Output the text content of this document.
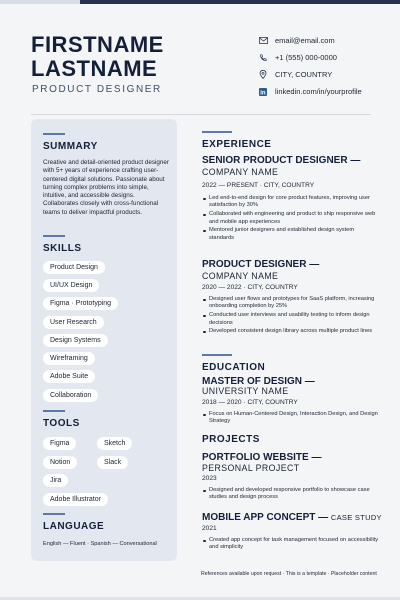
FIRSTNAME
LASTNAME
PRODUCT DESIGNER
email@email.com
+1 (555) 000-0000
CITY, COUNTRY
in linkedin.com/in/yourprofile
SUMMARY
Creative and detail-oriented product designer with 5+ years of experience crafting user-centered digital solutions. Passionate about turning complex problems into simple, intuitive, and accessible designs. Collaborates closely with cross-functional teams to deliver impactful products.
SKILLS
Product Design
UI/UX Design
Figma · Prototyping
User Research
Design Systems
Wireframing
Adobe Suite
Collaboration
TOOLS
Figma	Sketch
Notion	Slack
Jira
Adobe Illustrator
LANGUAGE
English — Fluent · Spanish — Conversational
EXPERIENCE
SENIOR PRODUCT DESIGNER —
COMPANY NAME
2022 — PRESENT · CITY, COUNTRY
Led end-to-end design for core product features, improving user satisfaction by 30%
Collaborated with engineering and product to ship responsive web and mobile app experiences
Mentored junior designers and established design system standards
PRODUCT DESIGNER —
COMPANY NAME
2020 — 2022 · CITY, COUNTRY
Designed user flows and prototypes for SaaS platform, increasing onboarding completion by 25%
Conducted user interviews and usability testing to inform design decisions
Developed consistent design library across multiple product lines
EDUCATION
MASTER OF DESIGN —
UNIVERSITY NAME
2018 — 2020 · CITY, COUNTRY
Focus on Human-Centered Design, Interaction Design, and Design Strategy
PROJECTS
PORTFOLIO WEBSITE —
PERSONAL PROJECT
2023
Designed and developed responsive portfolio to showcase case studies and design process
MOBILE APP CONCEPT — CASE STUDY
2021
Created app concept for task management focused on accessibility and simplicity
References available upon request · This is a template · Placeholder content
